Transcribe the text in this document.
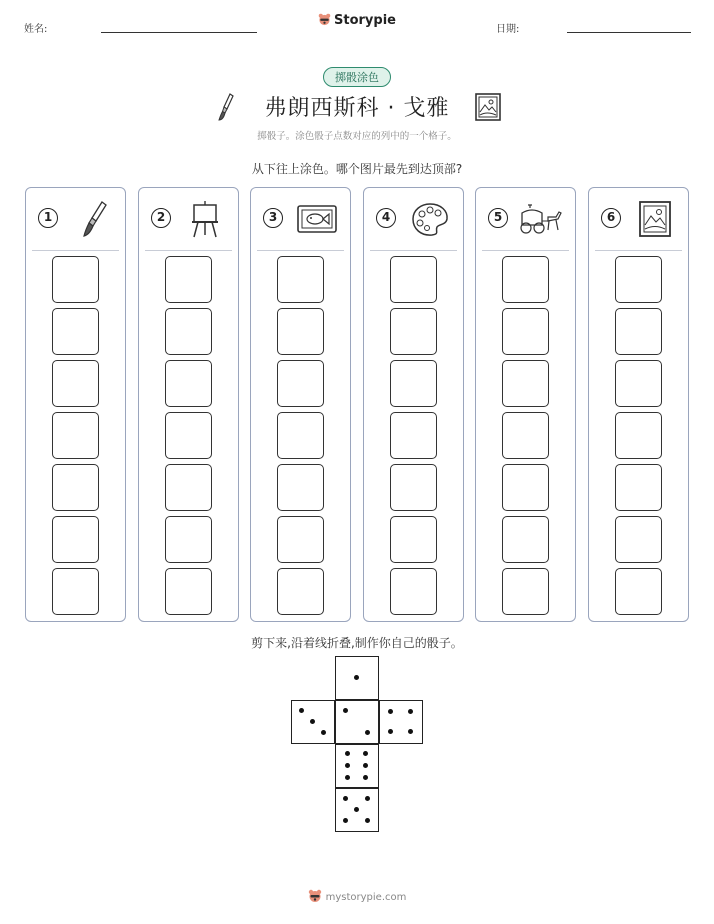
姓名:
Storypie
日期:
掷骰涂色
弗朗西斯科 · 戈雅
掷骰子。涂色骰子点数对应的列中的一个格子。
从下往上涂色。哪个图片最先到达顶部?
1	2	3	4	5	6
剪下来,沿着线折叠,制作你自己的骰子。
mystorypie.com
